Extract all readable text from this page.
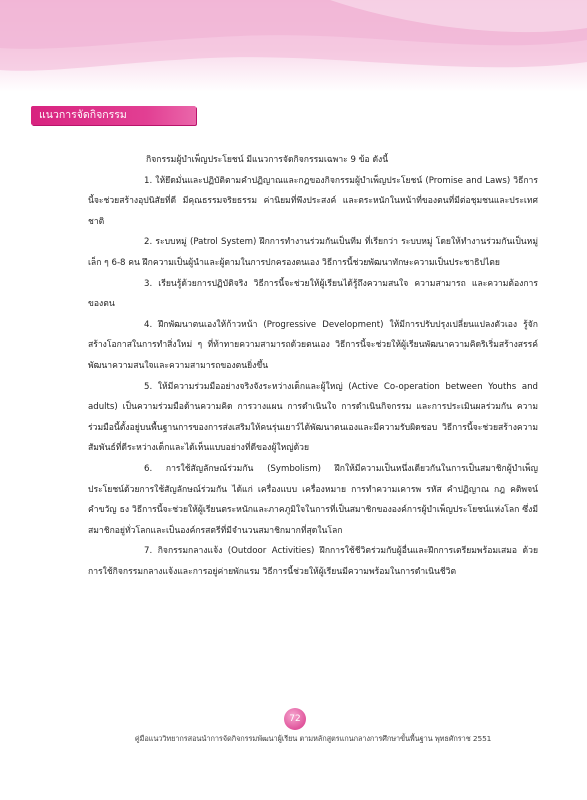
แนวการจัดกิจกรรม

กิจกรรมผู้บำเพ็ญประโยชน์ มีแนวการจัดกิจกรรมเฉพาะ 9 ข้อ ดังนี้

1. ให้ยึดมั่นและปฏิบัติตามคำปฏิญาณและกฎของกิจกรรมผู้บำเพ็ญประโยชน์ (Promise and Laws) วิธีการนี้จะช่วยสร้างอุปนิสัยที่ดี มีคุณธรรมจริยธรรม ค่านิยมที่พึงประสงค์ และตระหนักในหน้าที่ของตนที่มีต่อชุมชนและประเทศชาติ

2. ระบบหมู่ (Patrol System) ฝึกการทำงานร่วมกันเป็นทีม ที่เรียกว่า ระบบหมู่ โดยให้ทำงานร่วมกันเป็นหมู่เล็ก ๆ 6-8 คน ฝึกความเป็นผู้นำและผู้ตามในการปกครองตนเอง วิธีการนี้ช่วยพัฒนาทักษะความเป็นประชาธิปไตย

3. เรียนรู้ด้วยการปฏิบัติจริง วิธีการนี้จะช่วยให้ผู้เรียนได้รู้ถึงความสนใจ ความสามารถ และความต้องการของตน

4. ฝึกพัฒนาตนเองให้ก้าวหน้า (Progressive Development) ให้มีการปรับปรุงเปลี่ยนแปลงตัวเอง รู้จักสร้างโอกาสในการทำสิ่งใหม่ ๆ ที่ท้าทายความสามารถด้วยตนเอง วิธีการนี้จะช่วยให้ผู้เรียนพัฒนาความคิดริเริ่มสร้างสรรค์ พัฒนาความสนใจและความสามารถของตนยิ่งขึ้น

5. ให้มีความร่วมมืออย่างจริงจังระหว่างเด็กและผู้ใหญ่ (Active Co-operation between Youths and adults) เป็นความร่วมมือด้านความคิด การวางแผน การดำเนินใจ การดำเนินกิจกรรม และการประเมินผลร่วมกัน ความร่วมมือนี้ตั้งอยู่บนพื้นฐานการของการส่งเสริมให้คนรุ่นเยาว์ได้พัฒนาตนเองและมีความรับผิดชอบ วิธีการนี้จะช่วยสร้างความสัมพันธ์ที่ดีระหว่างเด็กและได้เห็นแบบอย่างที่ดีของผู้ใหญ่ด้วย

6. การใช้สัญลักษณ์ร่วมกัน (Symbolism) ฝึกให้มีความเป็นหนึ่งเดียวกันในการเป็นสมาชิกผู้บำเพ็ญประโยชน์ด้วยการใช้สัญลักษณ์ร่วมกัน ได้แก่ เครื่องแบบ เครื่องหมาย การทำความเคารพ รหัส คำปฏิญาณ กฎ คติพจน์ คำขวัญ ธง วิธีการนี้จะช่วยให้ผู้เรียนตระหนักและภาคภูมิใจในการที่เป็นสมาชิกขององค์การผู้บำเพ็ญประโยชน์แห่งโลก ซึ่งมีสมาชิกอยู่ทั่วโลกและเป็นองค์กรสตรีที่มีจำนวนสมาชิกมากที่สุดในโลก

7. กิจกรรมกลางแจ้ง (Outdoor Activities) ฝึกการใช้ชีวิตร่วมกับผู้อื่นและฝึกการเตรียมพร้อมเสมอ ด้วยการใช้กิจกรรมกลางแจ้งและการอยู่ค่ายพักแรม วิธีการนี้ช่วยให้ผู้เรียนมีความพร้อมในการดำเนินชีวิต

72
คู่มือแนววิทยากรสอนนำการจัดกิจกรรมพัฒนาผู้เรียน ตามหลักสูตรแกนกลางการศึกษาขั้นพื้นฐาน พุทธศักราช 2551
